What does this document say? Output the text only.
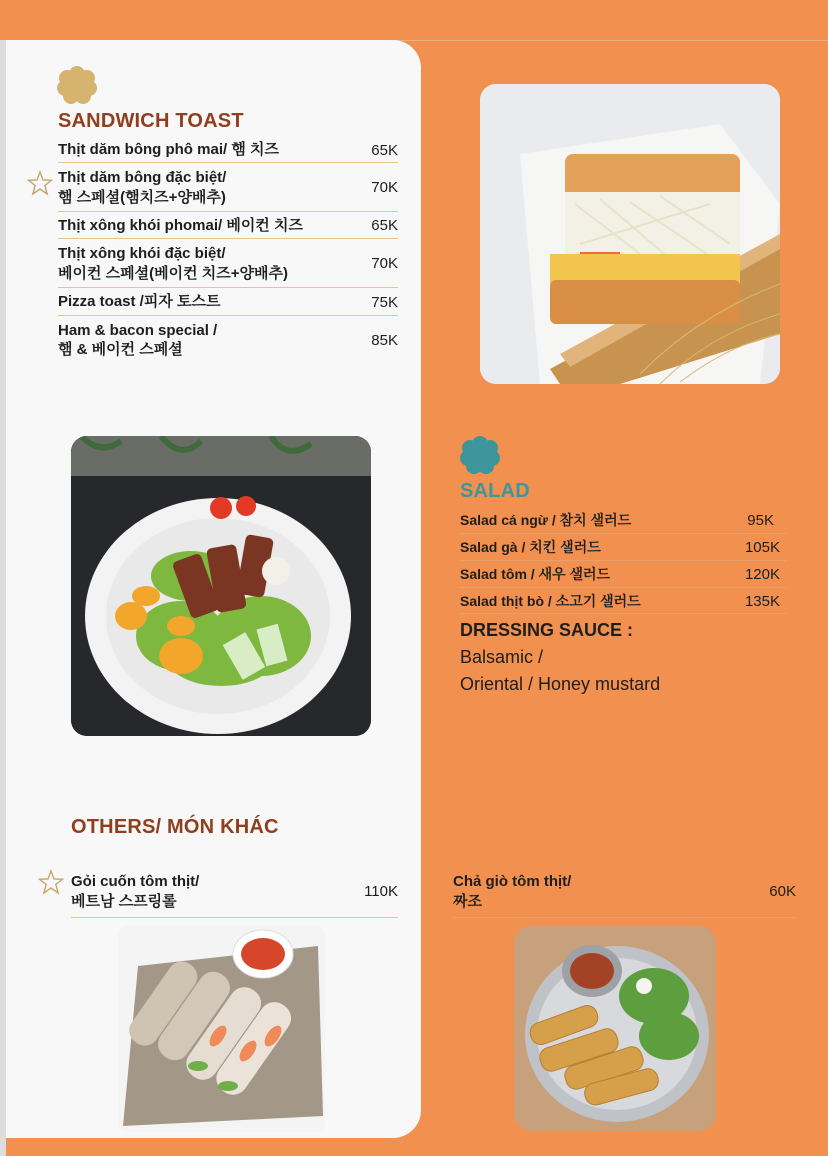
SANDWICH TOAST
Thịt dăm bông phô mai/ 햄 치즈	65K
Thịt dăm bông đặc biệt/
햄 스페셜(햄치즈+양배추)
70K
Thịt xông khói phomai/ 베이컨 치즈	65K
Thịt xông khói đặc biệt/
베이컨 스페셜(베이컨 치즈+양배추)
70K
Pizza toast /피자 토스트	75K
Ham & bacon special /
햄 & 베이컨 스페셜
85K
SALAD
Salad cá ngừ / 참치 샐러드	95K
Salad gà / 치킨 샐러드	105K
Salad tôm / 새우 샐러드	120K
Salad thịt bò / 소고기 샐러드	135K
DRESSING SAUCE :
Balsamic /
Oriental / Honey mustard
OTHERS/ MÓN KHÁC
Gỏi cuốn tôm thịt/
베트남 스프링롤
110K
Chả giò tôm thịt/
짜조
60K
